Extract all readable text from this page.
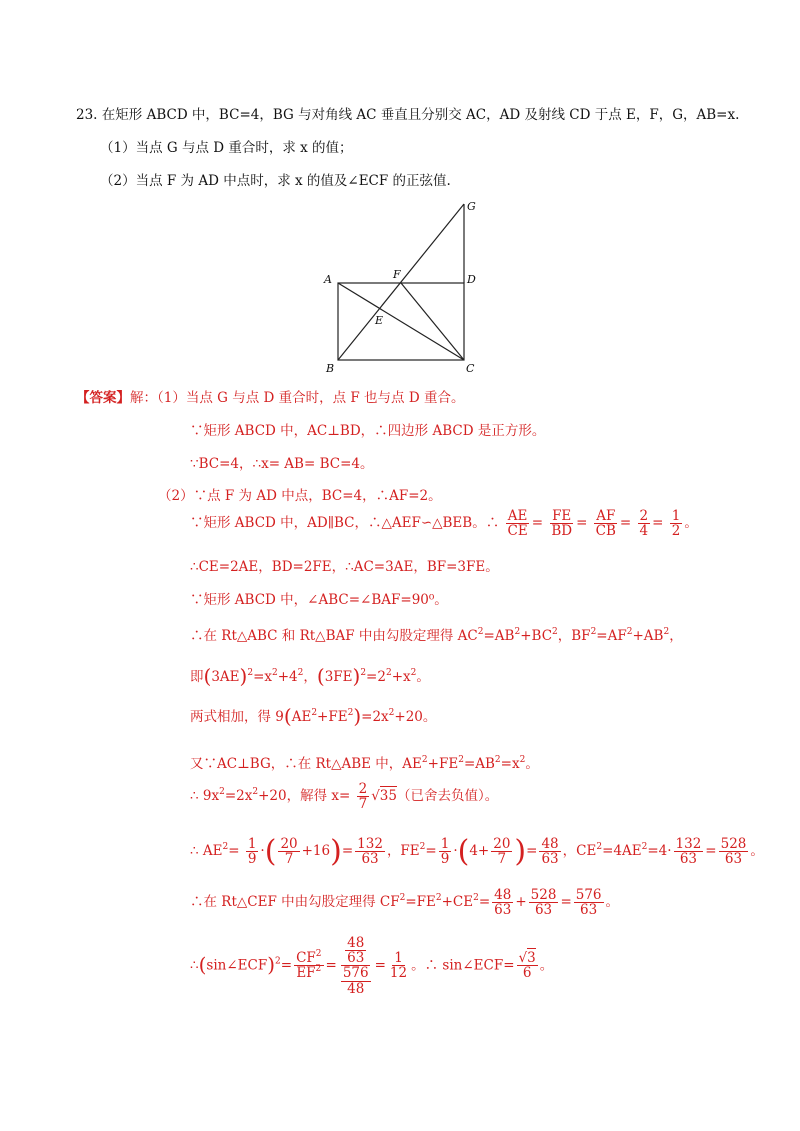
23. 在矩形 ABCD 中，BC=4，BG 与对角线 AC 垂直且分别交 AC，AD 及射线 CD 于点 E，F，G，AB=x.
（1）当点 G 与点 D 重合时，求 x 的值；
（2）当点 F 为 AD 中点时，求 x 的值及∠ECF 的正弦值.
A
B	C
D
E
F
G
【答案】解：（1）当点 G 与点 D 重合时，点 F 也与点 D 重合。
∵矩形 ABCD 中，AC⊥BD，∴四边形 ABCD 是正方形。
∵BC=4，∴x= AB= BC=4。
（2）∵点 F 为 AD 中点，BC=4，∴AF=2。
∵矩形 ABCD 中，AD∥BC，∴△AEF∽△BEB。∴ $\frac{AE}{CE} = \frac{FE}{BD} = \frac{AF}{CB} = \frac{2}{4} = \frac{1}{2}$ 。
∴CE=2AE，BD=2FE，∴AC=3AE，BF=3FE。
∵矩形 ABCD 中，∠ABC=∠BAF=90⁰。
∴在 Rt△ABC 和 Rt△BAF 中由勾股定理得 $AC^2=AB^2+BC^2$，$BF^2=AF^2+AB^2$，
即$(3AE)^2=x^2+4^2$，$(3FE)^2=2^2+x^2$。
两式相加，得 $9(AE^2+FE^2)=2x^2+20$。
又∵AC⊥BG，∴在 Rt△ABE 中，$AE^2+FE^2=AB^2=x^2$。
∴ $9x^2=2x^2+20$，解得 $x= \frac{2}{7} √35$（已舍去负值）。
∴ $AE^2= \frac{1}{9}$ ·( $\frac{20}{7} +16)= \frac{132}{63}$ ，$FE^2= \frac{1}{9} \cdot(4+ \frac{20}{7}$ )= $\frac{48}{63}$ ，$CE^2=4AE^2=4\cdot \frac{132}{63} = \frac{528}{63}$ 。
∴在 Rt△CEF 中由勾股定理得 $CF^2=FE^2+CE^2= \frac{48}{63} + \frac{528}{63} = \frac{576}{63}$ 。
∴(sin∠ECF)$^2$= $\frac{CF^2}{EF^2} = \frac{\frac{48}{63}}{\frac{576}{48}} = \frac{1}{12}$ 。∴ sin∠ECF= $\frac{√3}{6}$ 。
